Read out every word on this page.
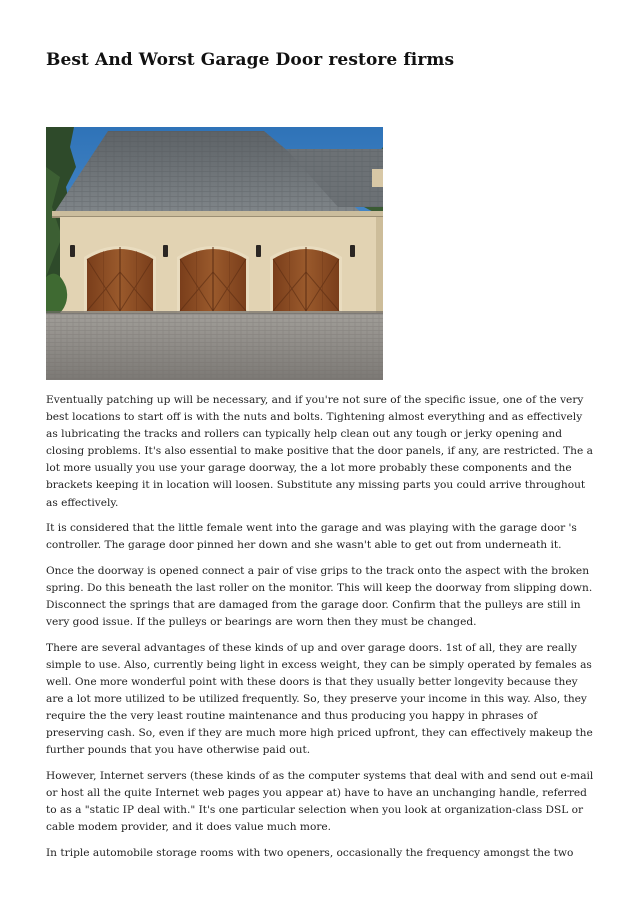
Best And Worst Garage Door restore firms

Eventually patching up will be necessary, and if you're not sure of the specific issue, one of the very best locations to start off is with the nuts and bolts. Tightening almost everything and as effectively as lubricating the tracks and rollers can typically help clean out any tough or jerky opening and closing problems. It's also essential to make positive that the door panels, if any, are restricted. The a lot more usually you use your garage doorway, the a lot more probably these components and the brackets keeping it in location will loosen. Substitute any missing parts you could arrive throughout as effectively.

It is considered that the little female went into the garage and was playing with the garage door 's controller. The garage door pinned her down and she wasn't able to get out from underneath it.

Once the doorway is opened connect a pair of vise grips to the track onto the aspect with the broken spring. Do this beneath the last roller on the monitor. This will keep the doorway from slipping down. Disconnect the springs that are damaged from the garage door. Confirm that the pulleys are still in very good issue. If the pulleys or bearings are worn then they must be changed.

There are several advantages of these kinds of up and over garage doors. 1st of all, they are really simple to use. Also, currently being light in excess weight, they can be simply operated by females as well. One more wonderful point with these doors is that they usually better longevity because they are a lot more utilized to be utilized frequently. So, they preserve your income in this way. Also, they require the the very least routine maintenance and thus producing you happy in phrases of preserving cash. So, even if they are much more high priced upfront, they can effectively makeup the further pounds that you have otherwise paid out.

However, Internet servers (these kinds of as the computer systems that deal with and send out e-mail or host all the quite Internet web pages you appear at) have to have an unchanging handle, referred to as a "static IP deal with." It's one particular selection when you look at organization-class DSL or cable modem provider, and it does value much more.

In triple automobile storage rooms with two openers, occasionally the frequency amongst the two
